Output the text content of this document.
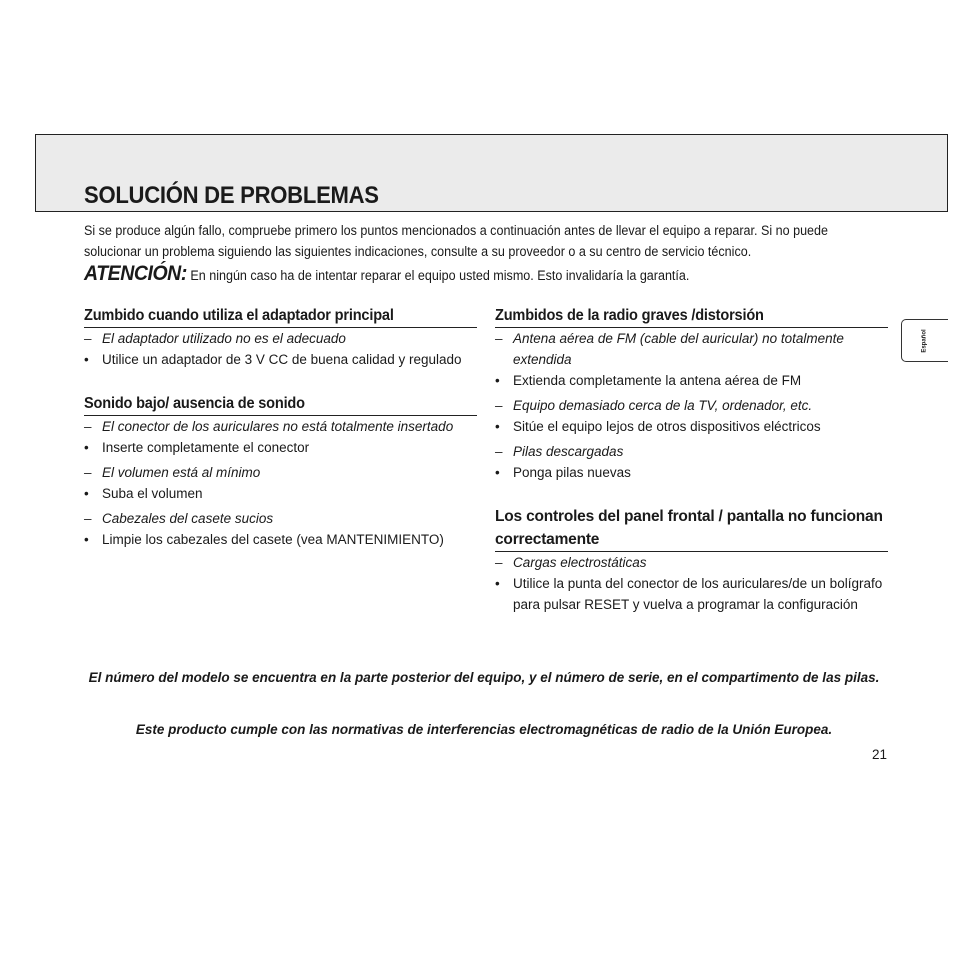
SOLUCIÓN DE PROBLEMAS
Español

Si se produce algún fallo, compruebe primero los puntos mencionados a continuación antes de llevar el equipo a reparar. Si no puede solucionar un problema siguiendo las siguientes indicaciones, consulte a su proveedor o a su centro de servicio técnico.

ATENCIÓN: En ningún caso ha de intentar reparar el equipo usted mismo. Esto invalidaría la garantía.

Zumbido cuando utiliza el adaptador principal
– El adaptador utilizado no es el adecuado
• Utilice un adaptador de 3 V CC de buena calidad y regulado
Sonido bajo/ ausencia de sonido
– El conector de los auriculares no está totalmente insertado
• Inserte completamente el conector
– El volumen está al mínimo
• Suba el volumen
– Cabezales del casete sucios
• Limpie los cabezales del casete (vea MANTENIMIENTO)
Zumbidos de la radio graves /distorsión
– Antena aérea de FM (cable del auricular) no totalmente extendida
• Extienda completamente la antena aérea de FM
– Equipo demasiado cerca de la TV, ordenador, etc.
• Sitúe el equipo lejos de otros dispositivos eléctricos
– Pilas descargadas
• Ponga pilas nuevas
Los controles del panel frontal / pantalla no funcionan correctamente
– Cargas electrostáticas
• Utilice la punta del conector de los auriculares/de un bolígrafo para pulsar RESET y vuelva a programar la configuración

El número del modelo se encuentra en la parte posterior del equipo, y el número de serie, en el compartimento de las pilas.

Este producto cumple con las normativas de interferencias electromagnéticas de radio de la Unión Europea.

21
